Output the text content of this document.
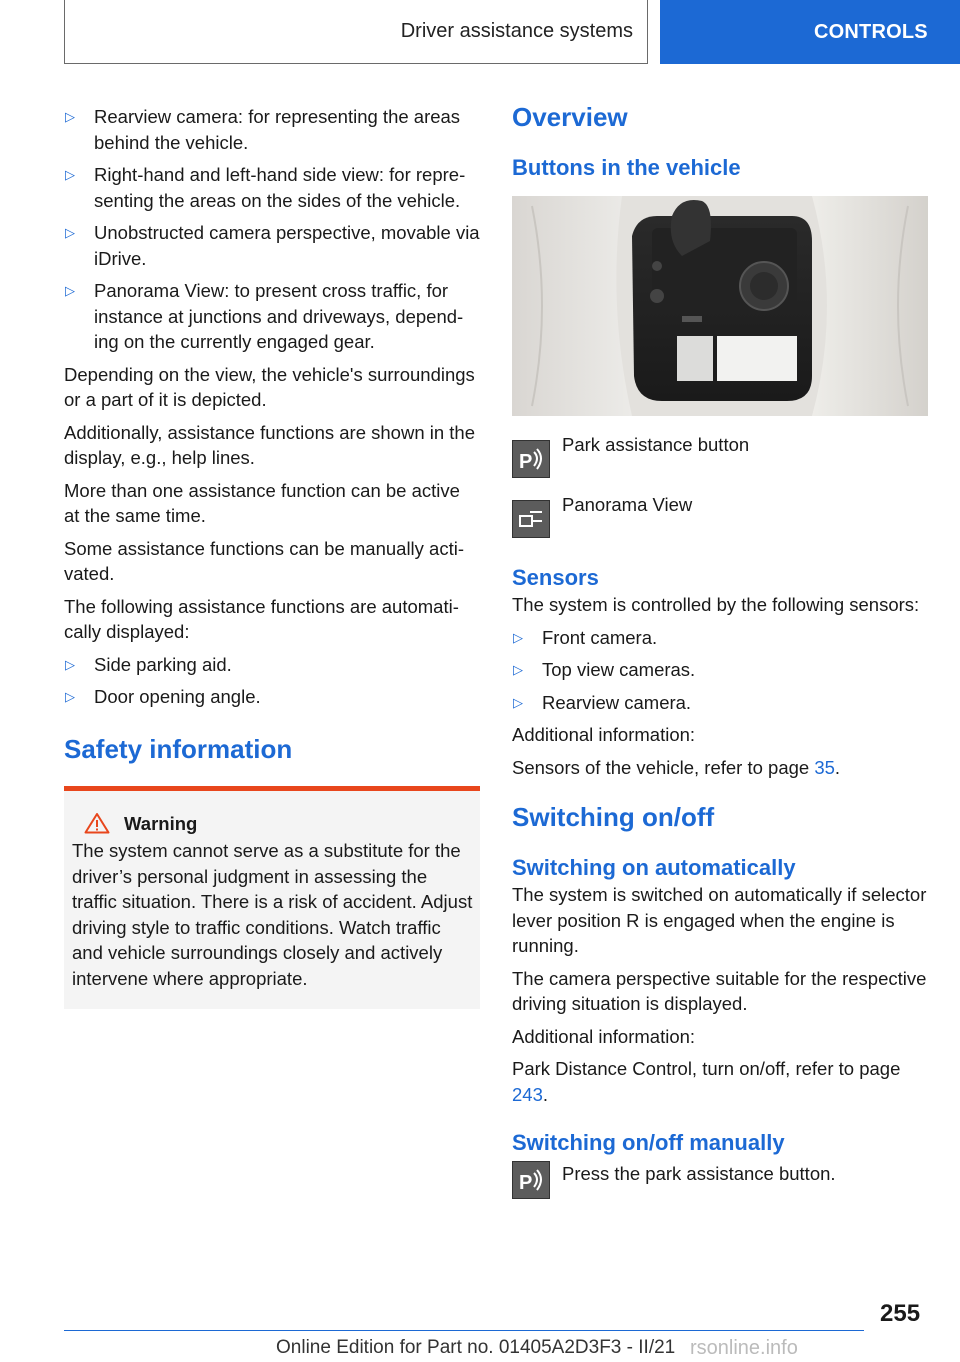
Driver assistance systems	CONTROLS
▷ Rearview camera: for representing the areas behind the vehicle.
▷ Right-hand and left-hand side view: for representing the areas on the sides of the vehicle.
▷ Unobstructed camera perspective, movable via iDrive.
▷ Panorama View: to present cross traffic, for instance at junctions and driveways, depending on the currently engaged gear.

Depending on the view, the vehicle's surroundings or a part of it is depicted.

Additionally, assistance functions are shown in the display, e.g., help lines.

More than one assistance function can be active at the same time.

Some assistance functions can be manually activated.

The following assistance functions are automatically displayed:

▷ Side parking aid.
▷ Door opening angle.
Safety information
Warning
The system cannot serve as a substitute for the driver’s personal judgment in assessing the traffic situation. There is a risk of accident. Adjust driving style to traffic conditions. Watch traffic and vehicle surroundings closely and actively intervene where appropriate.
Overview
Buttons in the vehicle
P
Park assistance button
Panorama View
Sensors

The system is controlled by the following sensors:

▷ Front camera.
▷ Top view cameras.
▷ Rearview camera.

Additional information:

Sensors of the vehicle, refer to page 35.

Switching on/off
Switching on automatically

The system is switched on automatically if selector lever position R is engaged when the engine is running.

The camera perspective suitable for the respective driving situation is displayed.

Additional information:

Park Distance Control, turn on/off, refer to page 243.

Switching on/off manually
P Press the park assistance button.
255
Online Edition for Part no. 01405A2D3F3 - II/21 rsonline.info
